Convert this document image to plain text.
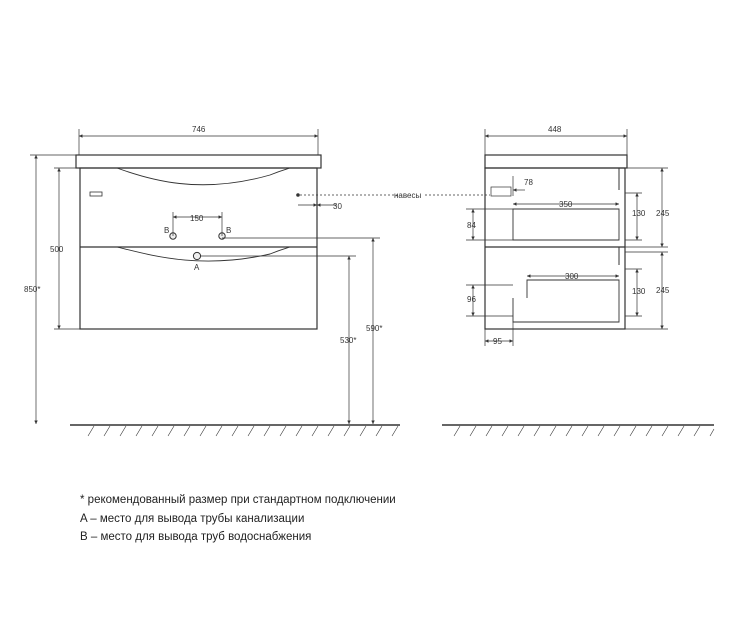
746
150
30
500
850*
530*
590*
B	B
A
навесы
448
78
350
300
84
96
95
130
130
245
245
* рекомендованный размер при стандартном подключении
A – место для вывода трубы канализации
B – место для вывода труб водоснабжения
